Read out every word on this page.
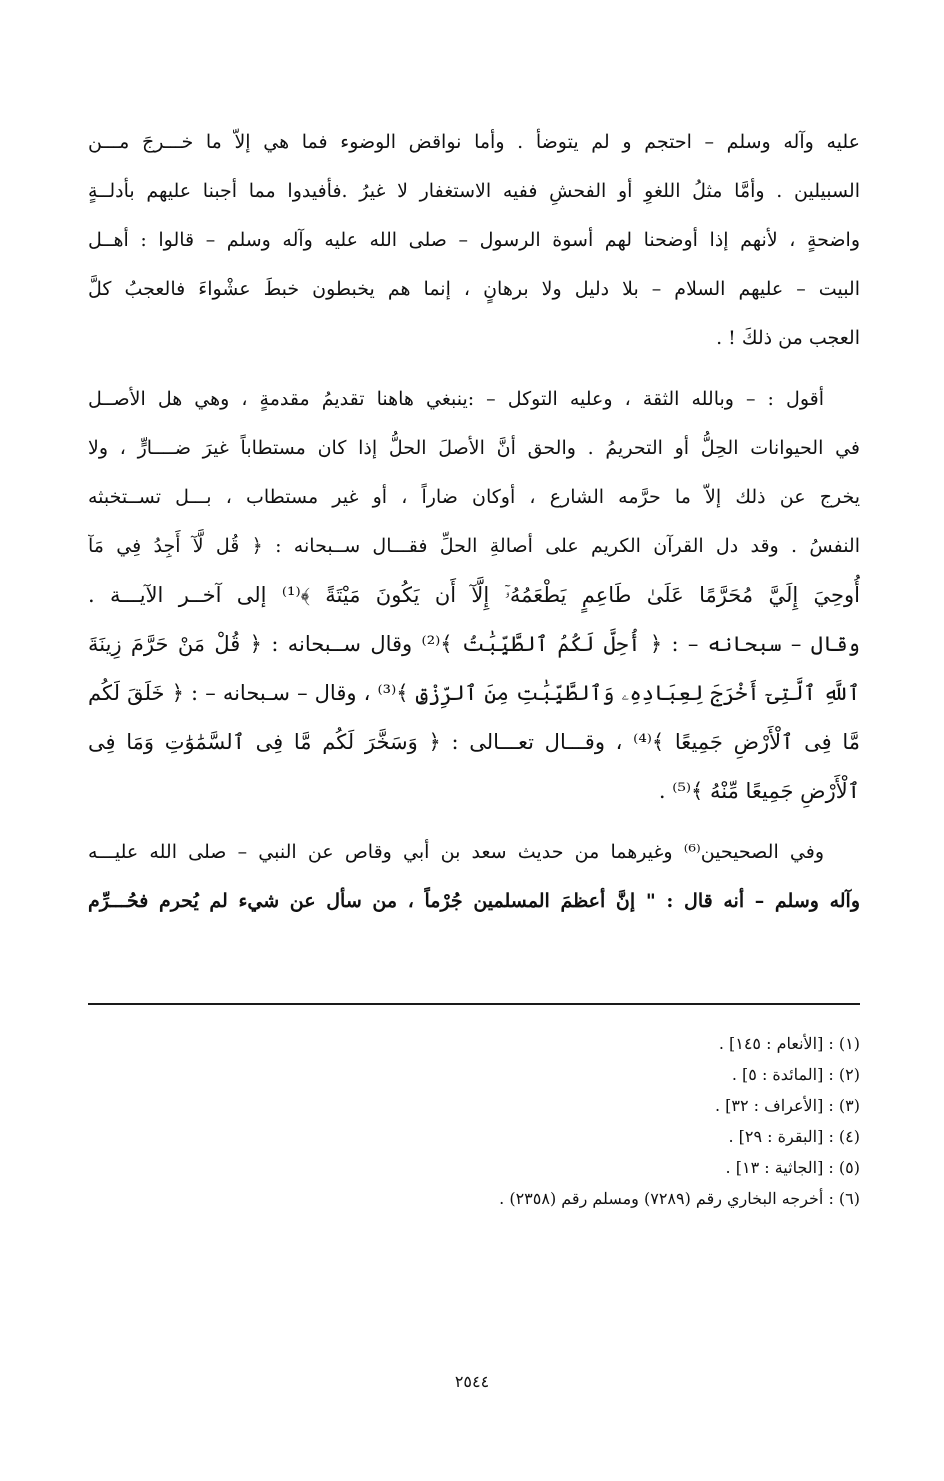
عليه وآله وسلم – احتجم و لم يتوضأ . وأما نواقض الوضوء فما هي إلاّ ما خـــرجَ مـــن
السبيلين . وأمَّا مثلُ اللغوِ أو الفحشِ ففيه الاستغفار لا غيرُ .فأفيدوا مما أجبنا عليهم بأدلــةٍ
واضحةٍ ، لأنهم إذا أوضحنا لهم أسوة الرسول – صلى الله عليه وآله وسلم – قالوا : أهــل
البيت – عليهم السلام – بلا دليل ولا برهانٍ ، إنما هم يخبطون خبطَ عشْواءَ فالعجبُ كلَّ
العجب من ذلكَ ! .
أقول : – وبالله الثقة ، وعليه التوكل – :ينبغي هاهنا تقديمُ مقدمةٍ ، وهي هل الأصــل
في الحيوانات الحِلُّ أو التحريمُ . والحق أنَّ الأصلَ الحلُّ إذا كان مستطاباً غيرَ ضــــارٍّ ، ولا
يخرج عن ذلك إلاّ ما حرَّمه الشارع ، أوكان ضاراً ، أو غير مستطاب ، بـــل تســتخبثه
النفسُ . وقد دل القرآن الكريم على أصالةِ الحلِّ فقـــال ســبحانه : ﴿ قُل لَّآ أَجِدُ فِي مَآ
أُوحِيَ إِلَيَّ مُحَرَّمًا عَلَىٰ طَاعِمٍ يَطْعَمُهُۥٓ إِلَّآ أَن يَكُونَ مَيْتَةً ﴾⁽¹⁾ إلى آخــر الآيـــة .
وقال – سبحانه – : ﴿ أُحِلَّ لَكُمُ ٱلطَّيِّبَٰتُ ﴾⁽²⁾ وقال ســبحانه : ﴿ قُلْ مَنْ حَرَّمَ زِينَةَ
ٱللَّهِ ٱلَّتِىٓ أَخْرَجَ لِعِبَادِهِۦ وَٱلطَّيِّبَٰتِ مِنَ ٱلرِّزْقِ ﴾⁽³⁾ ، وقال – سـبحانه – : ﴿ خَلَقَ لَكُم
مَّا فِى ٱلْأَرْضِ جَمِيعًا ﴾⁽⁴⁾ ، وقـــال تعـــالى : ﴿ وَسَخَّرَ لَكُم مَّا فِى ٱلسَّمَٰوَٰتِ وَمَا فِى
ٱلْأَرْضِ جَمِيعًا مِّنْهُ ﴾⁽⁵⁾ .
وفي الصحيحين⁽⁶⁾ وغيرهما من حديث سعد بن أبي وقاص عن النبي – صلى الله عليـــه
وآله وسلم – أنه قال : " إنَّ أعظمَ المسلمين جُرْماً ، من سأل عن شيء لم يُحرم فحُـــرِّم
(١) : [الأنعام : ١٤٥] .
(٢) : [المائدة : ٥] .
(٣) : [الأعراف : ٣٢] .
(٤) : [البقرة : ٢٩] .
(٥) : [الجاثية : ١٣] .
(٦) : أخرجه البخاري رقم (٧٢٨٩) ومسلم رقم (٢٣٥٨) .
٢٥٤٤
